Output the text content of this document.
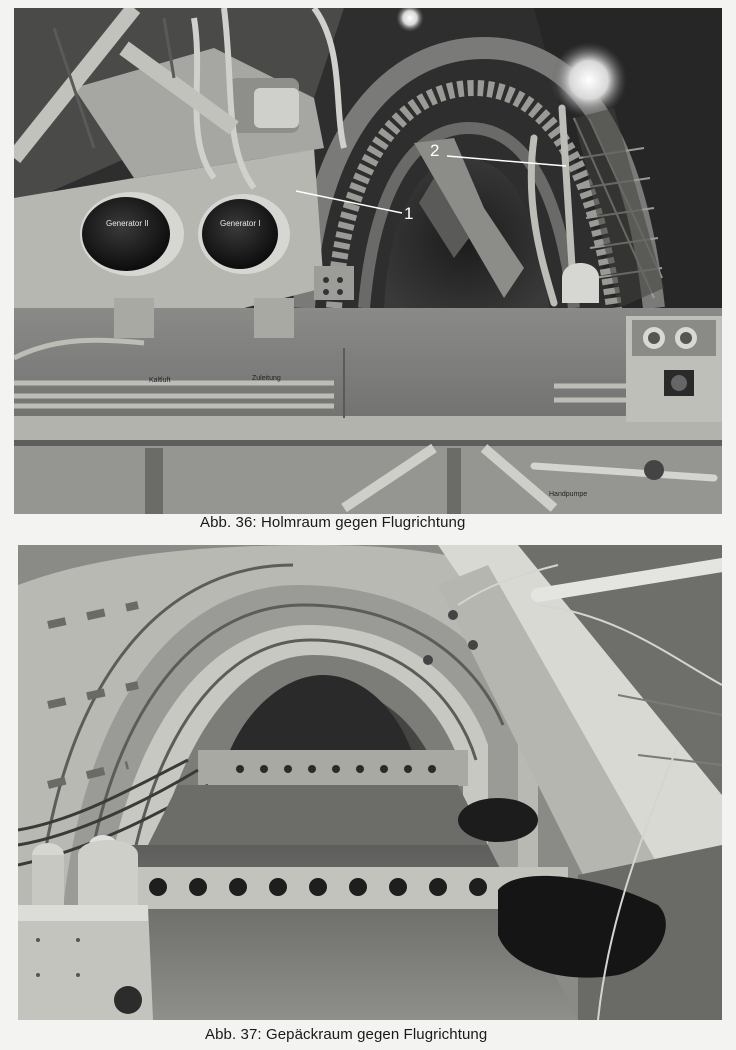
Generator II	Generator I
Kaltluft	Zuleitung
Handpumpe
1
2
Abb. 36: Holmraum gegen Flugrichtung
Abb. 37: Gepäckraum gegen Flugrichtung
